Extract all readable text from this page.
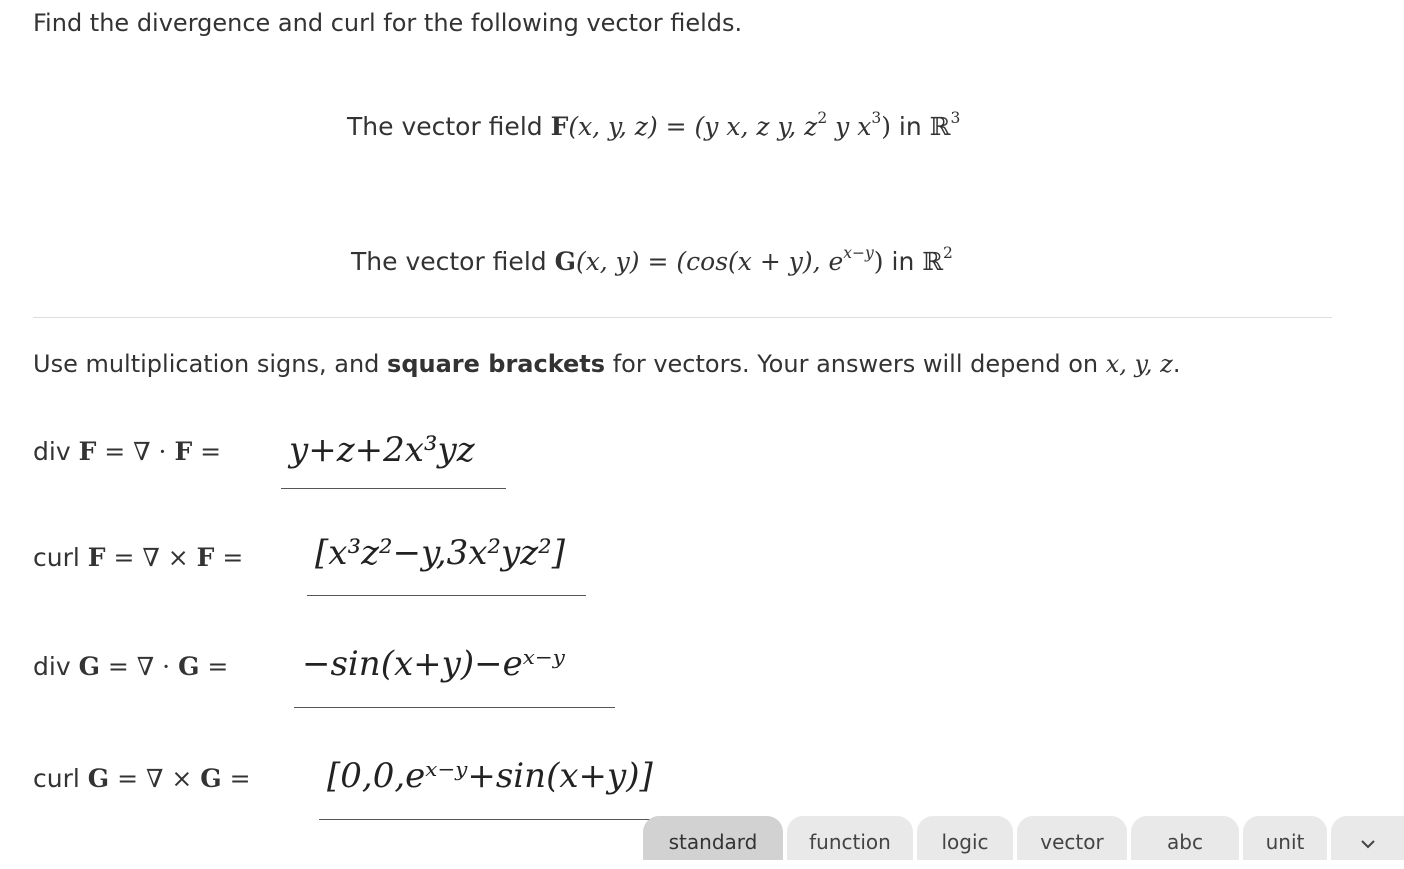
Find the divergence and curl for the following vector fields.
The vector field F(x, y, z) = (y x, z y, $z^2$ y $x^3$) in ℝ$^3$
The vector field G(x, y) = (cos(x + y), $e^{x-y}$) in ℝ$^2$
Use multiplication signs, and square brackets for vectors. Your answers will depend on x, y, z.
div F = ∇ · F = y+z+2x³yz
curl F = ∇ × F = [x³z²−y,3x²yz²]
div G = ∇ · G = −sin(x+y)−eˣ⁻ʸ
curl G = ∇ × G = [0,0,eˣ⁻ʸ+sin(x+y)]
standard	function	logic	vector	abc	unit
